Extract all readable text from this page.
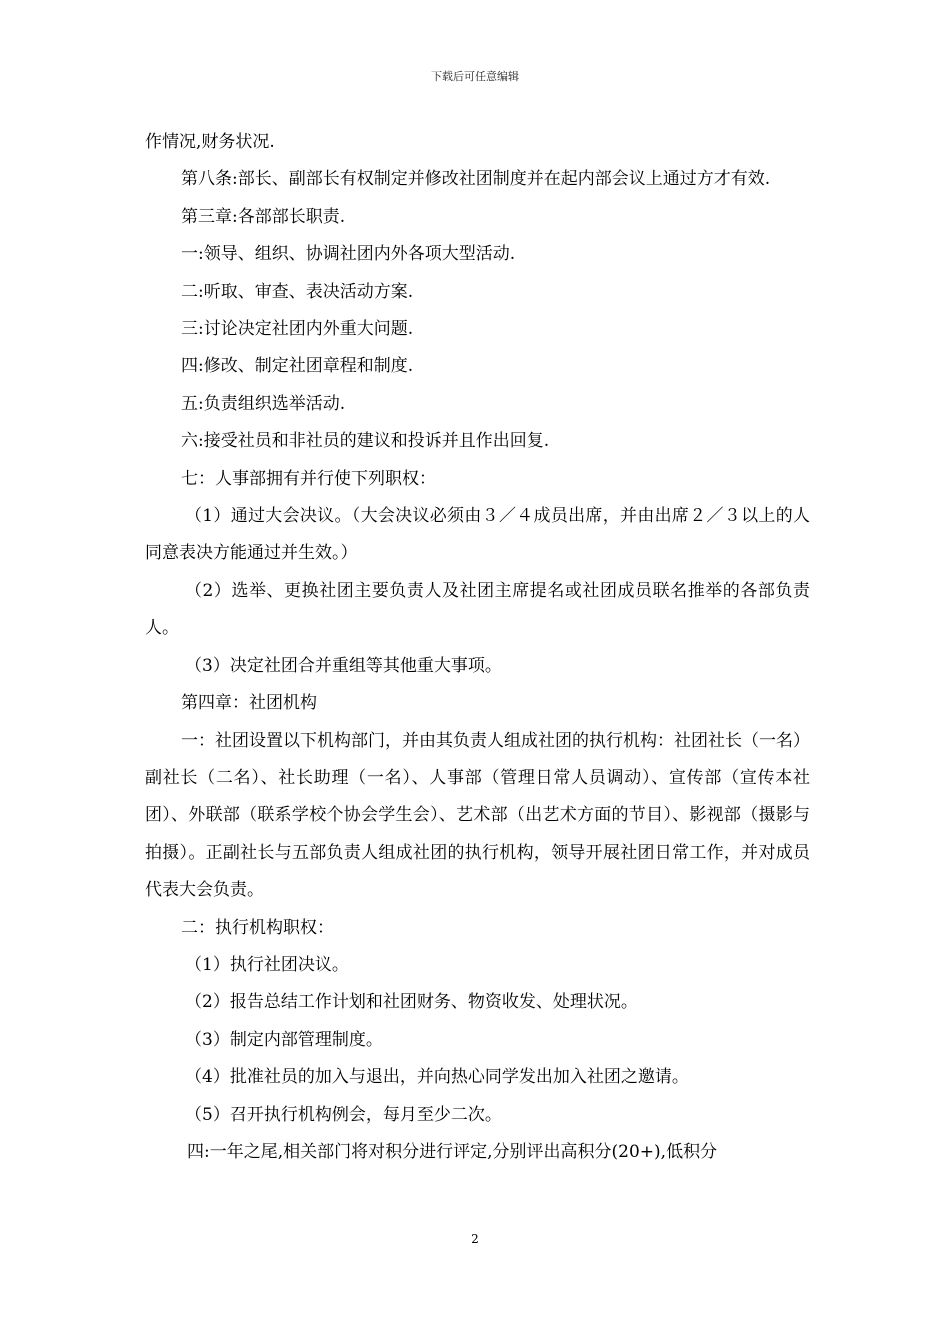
下载后可任意编辑

作情况,财务状况.

第八条:部长、副部长有权制定并修改社团制度并在起内部会议上通过方才有效.

第三章:各部部长职责.

一:领导、组织、协调社团内外各项大型活动.

二:听取、审查、表决活动方案.

三:讨论决定社团内外重大问题.

四:修改、制定社团章程和制度.

五:负责组织选举活动.

六:接受社员和非社员的建议和投诉并且作出回复.

七：人事部拥有并行使下列职权：

（1）通过大会决议。（大会决议必须由３／４成员出席，并由出席２／３以上的人同意表决方能通过并生效。）

（2）选举、更换社团主要负责人及社团主席提名或社团成员联名推举的各部负责人。

（3）决定社团合并重组等其他重大事项。

第四章：社团机构

一：社团设置以下机构部门，并由其负责人组成社团的执行机构：社团社长（一名）副社长（二名）、社长助理（一名）、人事部（管理日常人员调动）、宣传部（宣传本社团）、外联部（联系学校个协会学生会）、艺术部（出艺术方面的节目）、影视部（摄影与拍摄）。正副社长与五部负责人组成社团的执行机构，领导开展社团日常工作，并对成员代表大会负责。

二：执行机构职权：

（1）执行社团决议。

（2）报告总结工作计划和社团财务、物资收发、处理状况。

（3）制定内部管理制度。

（4）批准社员的加入与退出，并向热心同学发出加入社团之邀请。

（5）召开执行机构例会，每月至少二次。

四:一年之尾,相关部门将对积分进行评定,分别评出高积分(20+),低积分

2
